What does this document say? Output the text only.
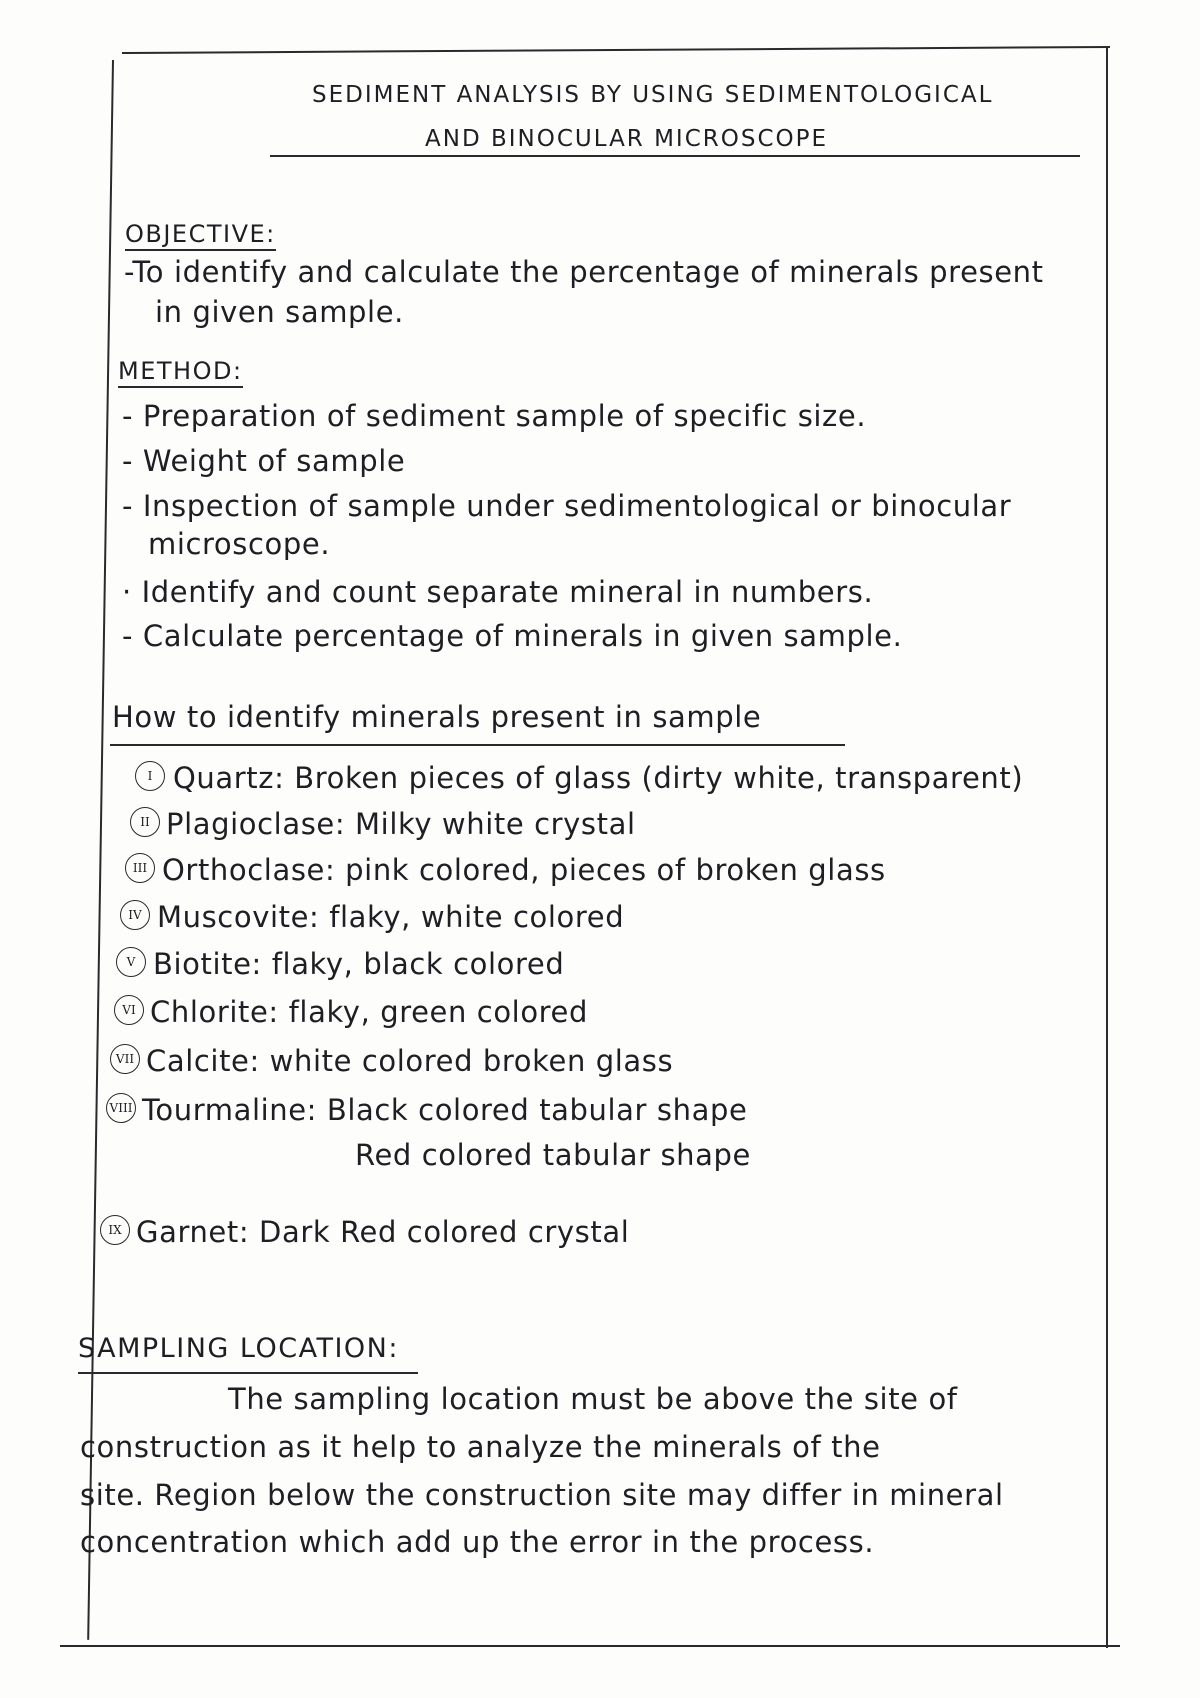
SEDIMENT ANALYSIS BY USING SEDIMENTOLOGICAL
AND BINOCULAR MICROSCOPE
OBJECTIVE:
-To identify and calculate the percentage of minerals present
in given sample.
METHOD:
- Preparation of sediment sample of specific size.
- Weight of sample
- Inspection of sample under sedimentological or binocular
microscope.
· Identify and count separate mineral in numbers.
- Calculate percentage of minerals in given sample.
How to identify minerals present in sample
I Quartz: Broken pieces of glass (dirty white, transparent)
II Plagioclase: Milky white crystal
III Orthoclase: pink colored, pieces of broken glass
IV Muscovite: flaky, white colored
V Biotite: flaky, black colored
VI Chlorite: flaky, green colored
VII Calcite: white colored broken glass
VIII Tourmaline: Black colored tabular shape
Red colored tabular shape
IX Garnet: Dark Red colored crystal
SAMPLING LOCATION:
The sampling location must be above the site of
construction as it help to analyze the minerals of the
site. Region below the construction site may differ in mineral
concentration which add up the error in the process.
